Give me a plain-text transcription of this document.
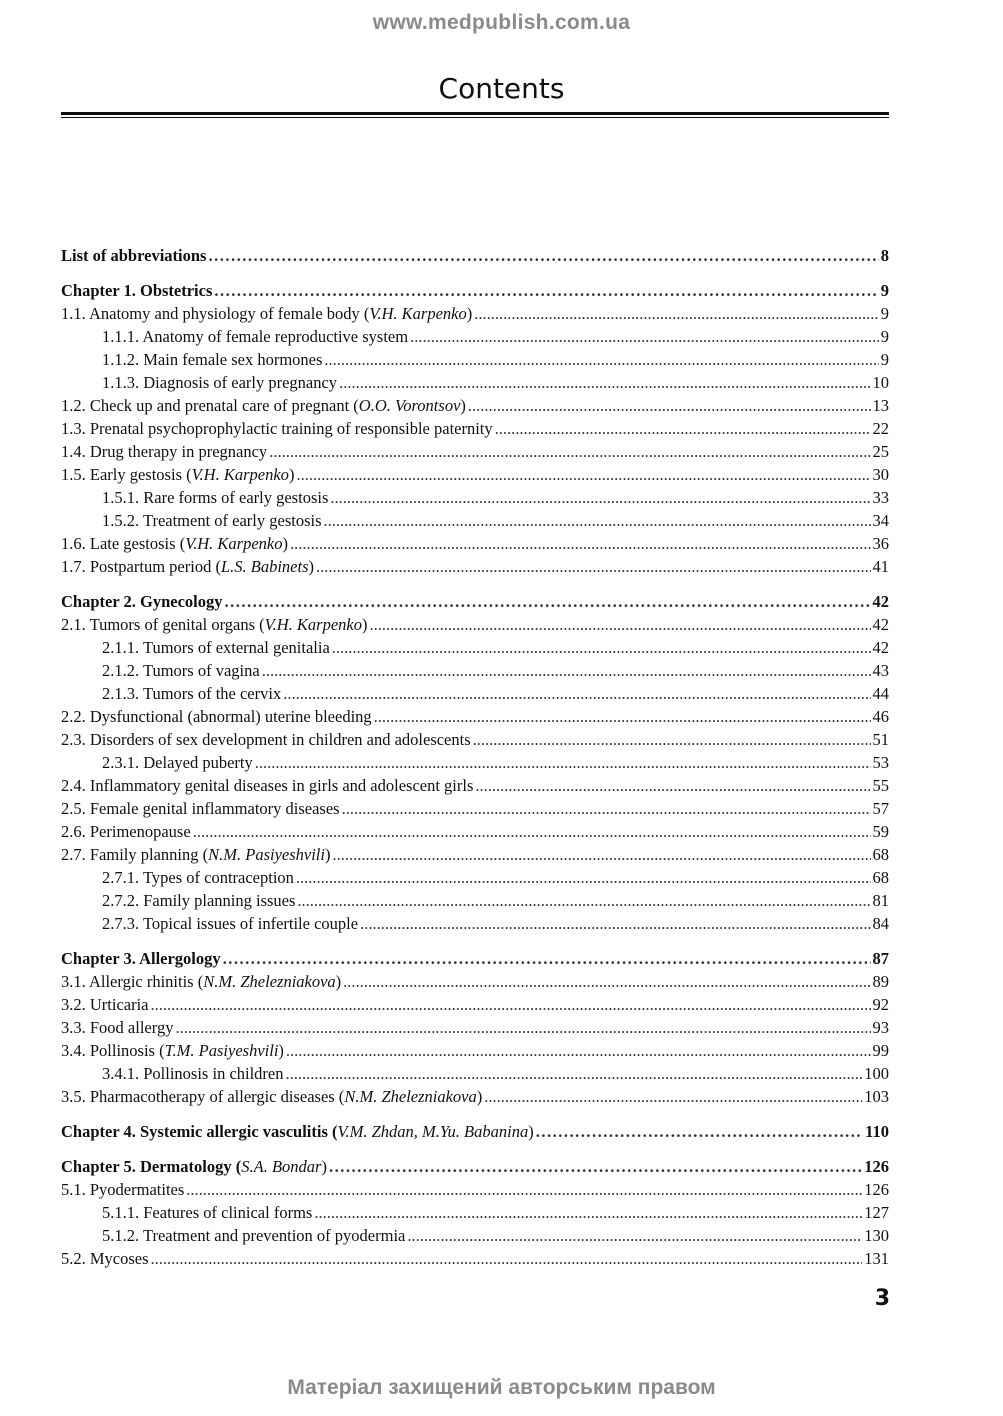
www.medpublish.com.ua
Contents
List of abbreviations .....	8
Chapter 1. Obstetrics .....	9
1.1. Anatomy and physiology of female body (V.H. Karpenko) .....	9
1.1.1. Anatomy of female reproductive system .....	9
1.1.2. Main female sex hormones .....	9
1.1.3. Diagnosis of early pregnancy .....	10
1.2. Check up and prenatal care of pregnant (O.O. Vorontsov) .....	13
1.3. Prenatal psychoprophylactic training of responsible paternity .....	22
1.4. Drug therapy in pregnancy .....	25
1.5. Early gestosis (V.H. Karpenko) .....	30
1.5.1. Rare forms of early gestosis .....	33
1.5.2. Treatment of early gestosis .....	34
1.6. Late gestosis (V.H. Karpenko) .....	36
1.7. Postpartum period (L.S. Babinets) .....	41
Chapter 2. Gynecology .....	42
2.1. Tumors of genital organs (V.H. Karpenko) .....	42
2.1.1. Tumors of external genitalia .....	42
2.1.2. Tumors of vagina .....	43
2.1.3. Tumors of the cervix .....	44
2.2. Dysfunctional (abnormal) uterine bleeding .....	46
2.3. Disorders of sex development in children and adolescents .....	51
2.3.1. Delayed puberty .....	53
2.4. Inflammatory genital diseases in girls and adolescent girls .....	55
2.5. Female genital inflammatory diseases .....	57
2.6. Perimenopause .....	59
2.7. Family planning (N.M. Pasiyeshvili) .....	68
2.7.1. Types of contraception .....	68
2.7.2. Family planning issues .....	81
2.7.3. Topical issues of infertile couple .....	84
Chapter 3. Allergology .....	87
3.1. Allergic rhinitis (N.M. Zhelezniakova) .....	89
3.2. Urticaria .....	92
3.3. Food allergy .....	93
3.4. Pollinosis (T.M. Pasiyeshvili) .....	99
3.4.1. Pollinosis in children .....	100
3.5. Pharmacotherapy of allergic diseases (N.M. Zhelezniakova) .....	103
Chapter 4. Systemic allergic vasculitis (V.M. Zhdan, M.Yu. Babanina) .....	110
Chapter 5. Dermatology (S.A. Bondar) .....	126
5.1. Pyodermatites .....	126
5.1.1. Features of clinical forms .....	127
5.1.2. Treatment and prevention of pyodermia .....	130
5.2. Mycoses .....	131
3
Матеріал захищений авторським правом
